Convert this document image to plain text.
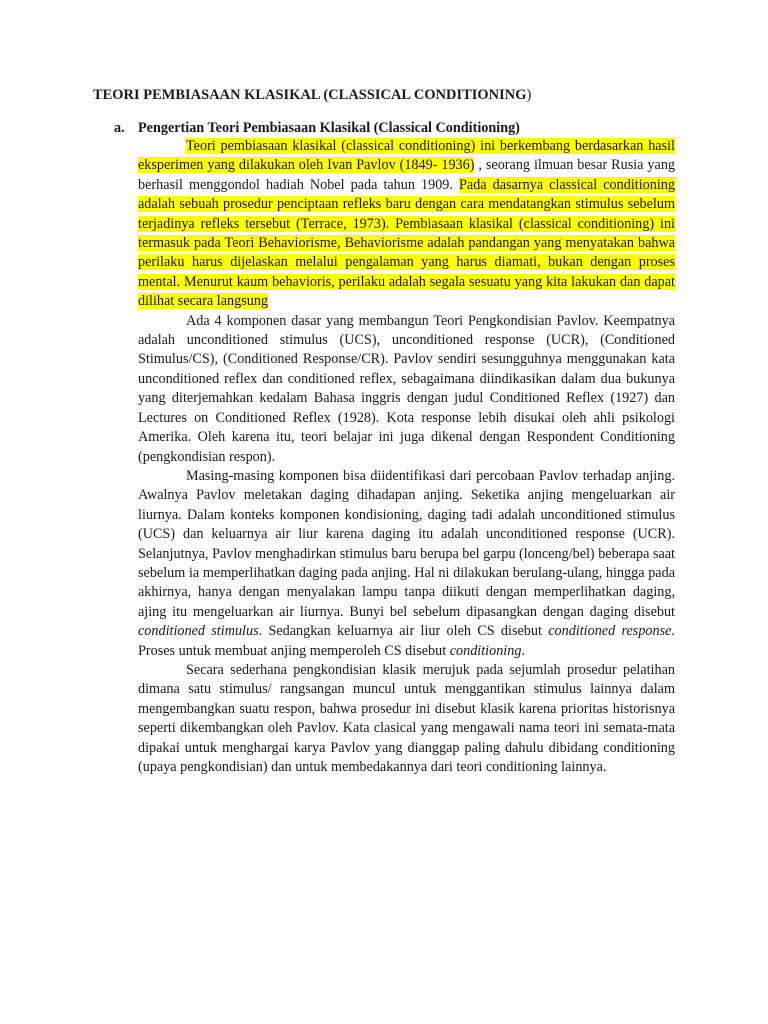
TEORI PEMBIASAAN KLASIKAL (CLASSICAL CONDITIONING)
a. Pengertian Teori Pembiasaan Klasikal (Classical Conditioning)

Teori pembiasaan klasikal (classical conditioning) ini berkembang berdasarkan hasil eksperimen yang dilakukan oleh Ivan Pavlov (1849- 1936) , seorang ilmuan besar Rusia yang berhasil menggondol hadiah Nobel pada tahun 1909. Pada dasarnya classical conditioning adalah sebuah prosedur penciptaan refleks baru dengan cara mendatangkan stimulus sebelum terjadinya refleks tersebut (Terrace, 1973). Pembiasaan klasikal (classical conditioning) ini termasuk pada Teori Behaviorisme, Behaviorisme adalah pandangan yang menyatakan bahwa perilaku harus dijelaskan melalui pengalaman yang harus diamati, bukan dengan proses mental. Menurut kaum behavioris, perilaku adalah segala sesuatu yang kita lakukan dan dapat dilihat secara langsung

Ada 4 komponen dasar yang membangun Teori Pengkondisian Pavlov. Keempatnya adalah unconditioned stimulus (UCS), unconditioned response (UCR), (Conditioned Stimulus/CS), (Conditioned Response/CR). Pavlov sendiri sesungguhnya menggunakan kata unconditioned reflex dan conditioned reflex, sebagaimana diindikasikan dalam dua bukunya yang diterjemahkan kedalam Bahasa inggris dengan judul Conditioned Reflex (1927) dan Lectures on Conditioned Reflex (1928). Kota response lebih disukai oleh ahli psikologi Amerika. Oleh karena itu, teori belajar ini juga dikenal dengan Respondent Conditioning (pengkondisian respon).

Masing-masing komponen bisa diidentifikasi dari percobaan Pavlov terhadap anjing. Awalnya Pavlov meletakan daging dihadapan anjing. Seketika anjing mengeluarkan air liurnya. Dalam konteks komponen kondisioning, daging tadi adalah unconditioned stimulus (UCS) dan keluarnya air liur karena daging itu adalah unconditioned response (UCR). Selanjutnya, Pavlov menghadirkan stimulus baru berupa bel garpu (lonceng/bel) beberapa saat sebelum ia memperlihatkan daging pada anjing. Hal ni dilakukan berulang-ulang, hingga pada akhirnya, hanya dengan menyalakan lampu tanpa diikuti dengan memperlihatkan daging, ajing itu mengeluarkan air liurnya. Bunyi bel sebelum dipasangkan dengan daging disebut conditioned stimulus. Sedangkan keluarnya air liur oleh CS disebut conditioned response. Proses untuk membuat anjing memperoleh CS disebut conditioning.

Secara sederhana pengkondisian klasik merujuk pada sejumlah prosedur pelatihan dimana satu stimulus/ rangsangan muncul untuk menggantikan stimulus lainnya dalam mengembangkan suatu respon, bahwa prosedur ini disebut klasik karena prioritas historisnya seperti dikembangkan oleh Pavlov. Kata clasical yang mengawali nama teori ini semata-mata dipakai untuk menghargai karya Pavlov yang dianggap paling dahulu dibidang conditioning (upaya pengkondisian) dan untuk membedakannya dari teori conditioning lainnya.
